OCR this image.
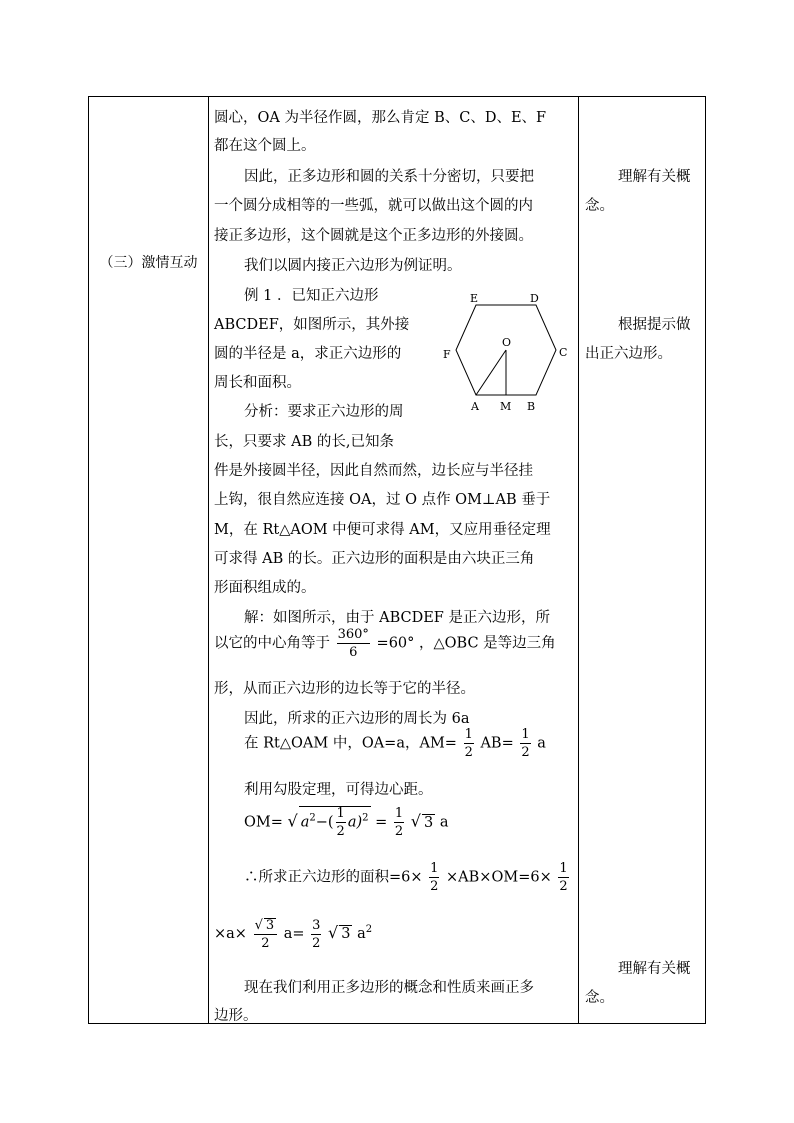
（三）激情互动
圆心，OA 为半径作圆，那么肯定 B、C、D、E、F
都在这个圆上。
因此，正多边形和圆的关系十分密切，只要把
一个圆分成相等的一些弧，就可以做出这个圆的内
接正多边形，这个圆就是这个正多边形的外接圆。
我们以圆内接正六边形为例证明。
例 1 ．已知正六边形
ABCDEF，如图所示，其外接
圆的半径是 a，求正六边形的
周长和面积。
分析：要求正六边形的周
长，只要求 AB 的长,已知条
件是外接圆半径，因此自然而然，边长应与半径挂
上钩，很自然应连接 OA，过 O 点作 OM⊥AB 垂于
M，在 Rt△AOM 中便可求得 AM，又应用垂径定理
可求得 AB 的长。正六边形的面积是由六块正三角
形面积组成的。
解：如图所示，由于 ABCDEF 是正六边形，所
以它的中心角等于 $\frac{360^\circ}{6} =60^\circ$ ，△OBC 是等边三角
形，从而正六边形的边长等于它的半径。
因此，所求的正六边形的周长为 6a
在 Rt△OAM 中，OA=a，$AM= \frac{1}{2} AB= \frac{1}{2}$ a
利用勾股定理，可得边心距。
OM= √ $a^2-( \frac{1}{2} a)^2 = \frac{1}{2}$ √ 3 a
∴所求正六边形的面积$=6\times \frac{1}{2} \times AB\times OM=6\times \frac{1}{2}$
$\times a\times \frac{√ 3}{2} a= \frac{3}{2}$ √ 3 $a^2$
现在我们利用正多边形的概念和性质来画正多
边形。
理解有关概
念。
根据提示做
出正六边形。
理解有关概
念。
E	D
F
O
C
A M B
